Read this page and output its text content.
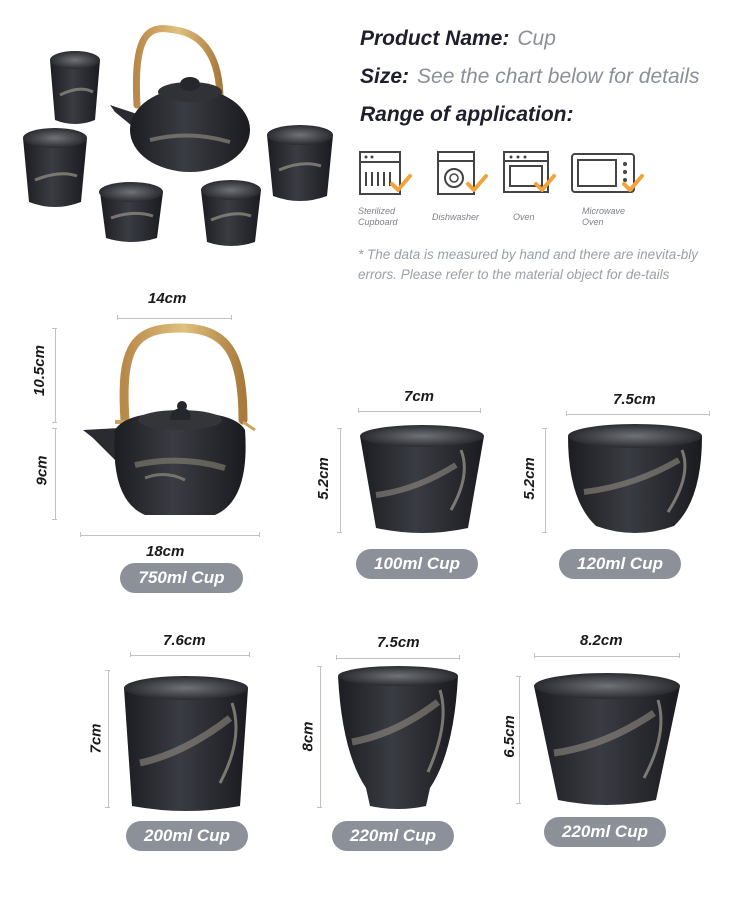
Product Name: Cup
Size: See the chart below for details
Range of application:
Sterilized
Cupboard	Dishwasher	Oven
Microwave
Oven
* The data is measured by hand and there are inevita-bly errors. Please refer to the material object for de-tails
14cm
10.5cm
9cm
18cm
750ml Cup
7cm
5.2cm
100ml Cup
7.5cm
5.2cm
120ml Cup
7.6cm
7cm
200ml Cup
7.5cm
8cm
220ml Cup
8.2cm
6.5cm
220ml Cup
